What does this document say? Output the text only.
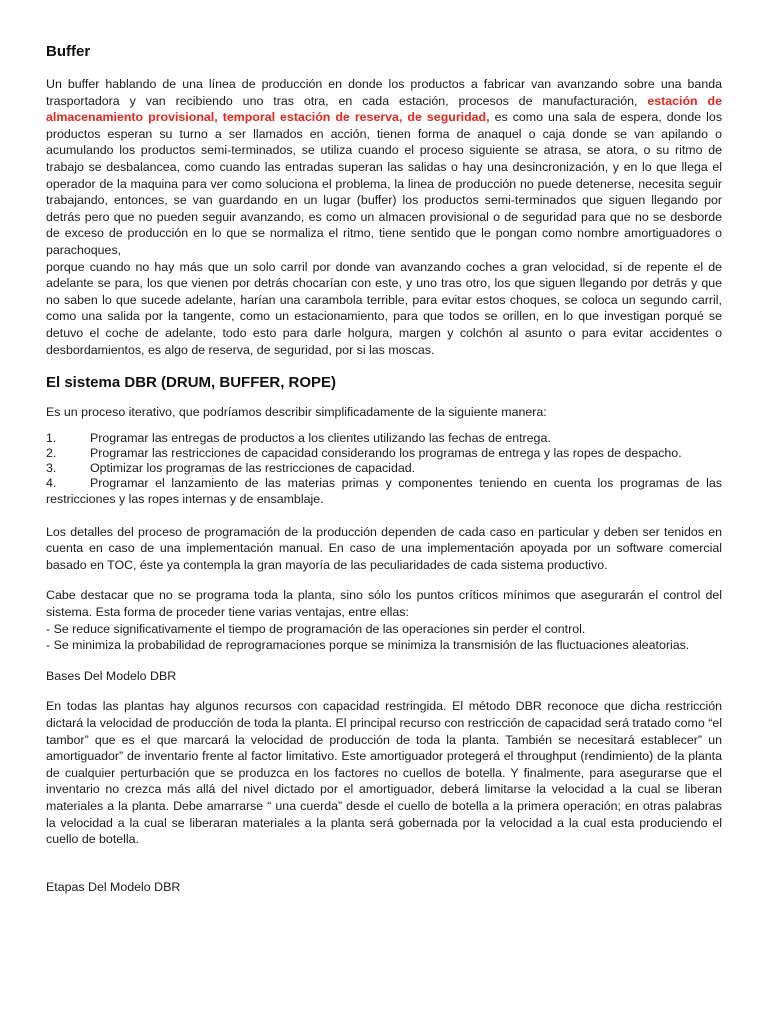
Buffer

Un buffer hablando de una línea de producción en donde los productos a fabricar van avanzando sobre una banda trasportadora y van recibiendo uno tras otra, en cada estación, procesos de manufacturación, estación de almacenamiento provisional, temporal estación de reserva, de seguridad, es como una sala de espera, donde los productos esperan su turno a ser llamados en acción, tienen forma de anaquel o caja donde se van apilando o acumulando los productos semi-terminados, se utiliza cuando el proceso siguiente se atrasa, se atora, o su ritmo de trabajo se desbalancea, como cuando las entradas superan las salidas o hay una desincronización, y en lo que llega el operador de la maquina para ver como soluciona el problema, la linea de producción no puede detenerse, necesita seguir trabajando, entonces, se van guardando en un lugar (buffer) los productos semi-terminados que siguen llegando por detrás pero que no pueden seguir avanzando, es como un almacen provisional o de seguridad para que no se desborde de exceso de producción en lo que se normaliza el ritmo, tiene sentido que le pongan como nombre amortiguadores o parachoques,

porque cuando no hay más que un solo carril por donde van avanzando coches a gran velocidad, si de repente el de adelante se para, los que vienen por detrás chocarían con este, y uno tras otro, los que siguen llegando por detrás y que no saben lo que sucede adelante, harían una carambola terrible, para evitar estos choques, se coloca un segundo carril, como una salida por la tangente, como un estacionamiento, para que todos se orillen, en lo que investigan porqué se detuvo el coche de adelante, todo esto para darle holgura, margen y colchón al asunto o para evitar accidentes o desbordamientos, es algo de reserva, de seguridad, por si las moscas.

El sistema DBR (DRUM, BUFFER, ROPE)

Es un proceso iterativo, que podríamos describir simplificadamente de la siguiente manera:

1.	Programar las entregas de productos a los clientes utilizando las fechas de entrega.
2.	Programar las restricciones de capacidad considerando los programas de entrega y las ropes de despacho.
3.	Optimizar los programas de las restricciones de capacidad.
4.	Programar el lanzamiento de las materias primas y componentes teniendo en cuenta los programas de las restricciones y las ropes internas y de ensamblaje.

Los detalles del proceso de programación de la producción dependen de cada caso en particular y deben ser tenidos en cuenta en caso de una implementación manual. En caso de una implementación apoyada por un software comercial basado en TOC, éste ya contempla la gran mayoría de las peculiaridades de cada sistema productivo.

Cabe destacar que no se programa toda la planta, sino sólo los puntos críticos mínimos que asegurarán el control del sistema. Esta forma de proceder tiene varias ventajas, entre ellas:

- Se reduce significativamente el tiempo de programación de las operaciones sin perder el control.
- Se minimiza la probabilidad de reprogramaciones porque se minimiza la transmisión de las fluctuaciones aleatorias.

Bases Del Modelo DBR

En todas las plantas hay algunos recursos con capacidad restringida. El método DBR reconoce que dicha restricción dictará la velocidad de producción de toda la planta. El principal recurso con restricción de capacidad será tratado como “el tambor” que es el que marcará la velocidad de producción de toda la planta. También se necesitará establecer” un amortiguador” de inventario frente al factor limitativo. Este amortiguador protegerá el throughput (rendimiento) de la planta de cualquier perturbación que se produzca en los factores no cuellos de botella. Y finalmente, para asegurarse que el inventario no crezca más allá del nivel dictado por el amortiguador, deberá limitarse la velocidad a la cual se liberan materiales a la planta. Debe amarrarse “ una cuerda” desde el cuello de botella a la primera operación; en otras palabras la velocidad a la cual se liberaran materiales a la planta será gobernada por la velocidad a la cual esta produciendo el cuello de botella.

Etapas Del Modelo DBR
